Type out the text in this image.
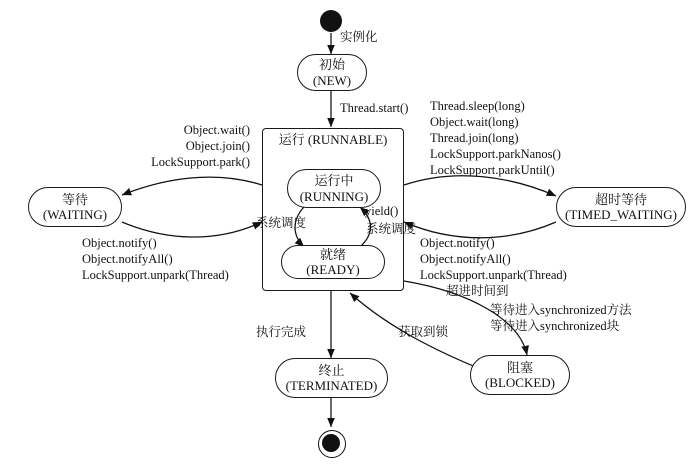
运行 (RUNNABLE)
初始
(NEW)
运行中
(RUNNING)
就绪
(READY)
等待
(WAITING)
超时等待
(TIMED_WAITING)
终止
(TERMINATED)
阻塞
(BLOCKED)
实例化
Thread.start()
Object.wait()
Object.join()
LockSupport.park()
Object.notify()
Object.notifyAll()
LockSupport.unpark(Thread)
Thread.sleep(long)
Object.wait(long)
Thread.join(long)
LockSupport.parkNanos()
LockSupport.parkUntil()
Object.notify()
Object.notifyAll()
LockSupport.unpark(Thread)
超进时间到
系统调度
yield()
系统调度
等待进入synchronized方法
等待进入synchronized块
获取到锁
执行完成
